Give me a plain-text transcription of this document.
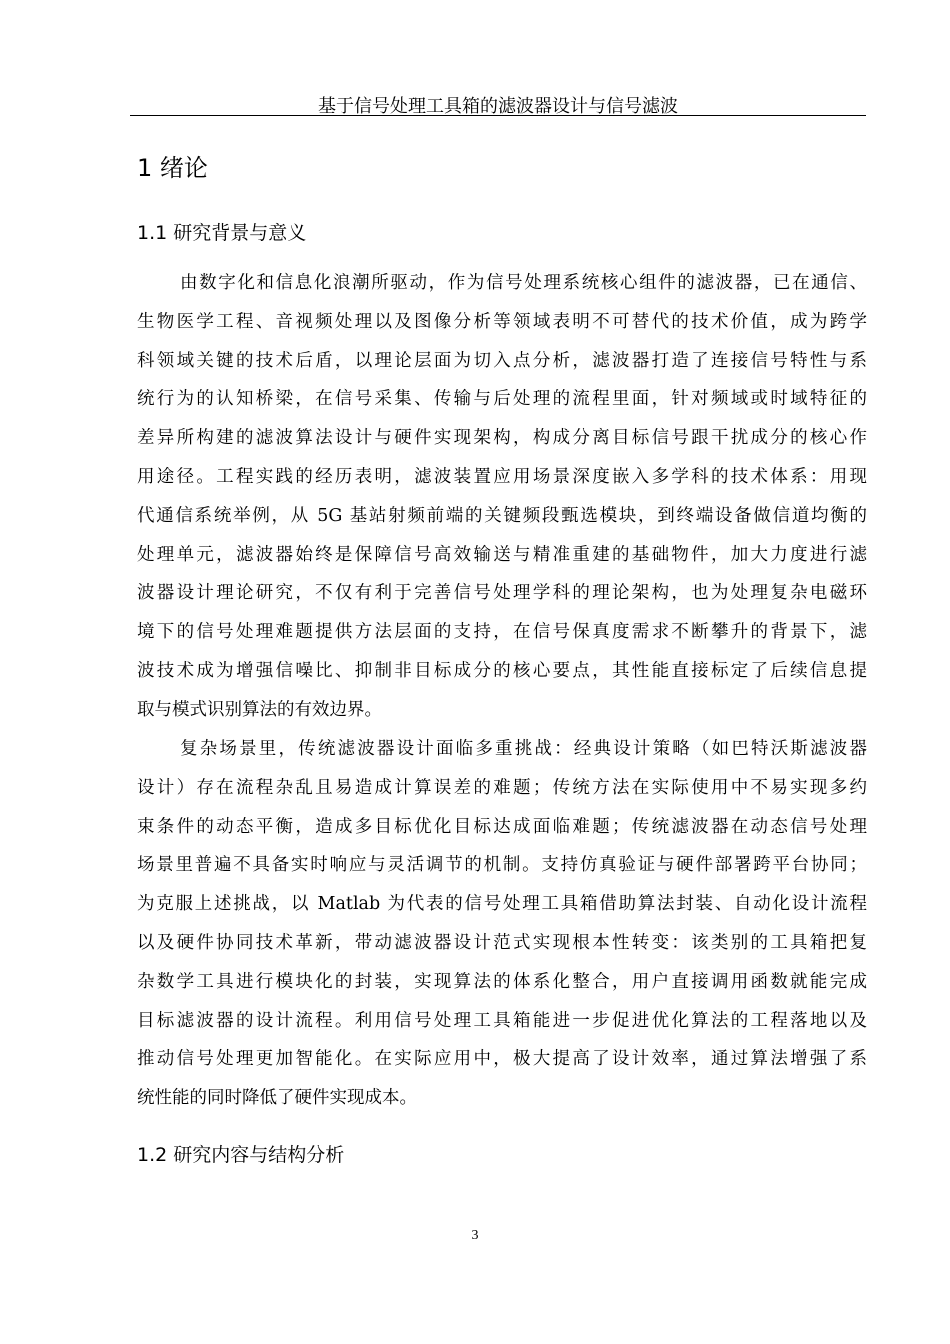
基于信号处理工具箱的滤波器设计与信号滤波
1 绪论
1.1 研究背景与意义
由数字化和信息化浪潮所驱动，作为信号处理系统核心组件的滤波器，已在通信、
生物医学工程、音视频处理以及图像分析等领域表明不可替代的技术价值，成为跨学
科领域关键的技术后盾，以理论层面为切入点分析，滤波器打造了连接信号特性与系
统行为的认知桥梁，在信号采集、传输与后处理的流程里面，针对频域或时域特征的
差异所构建的滤波算法设计与硬件实现架构，构成分离目标信号跟干扰成分的核心作
用途径。工程实践的经历表明，滤波装置应用场景深度嵌入多学科的技术体系：用现
代通信系统举例，从 5G 基站射频前端的关键频段甄选模块，到终端设备做信道均衡的
处理单元，滤波器始终是保障信号高效输送与精准重建的基础物件，加大力度进行滤
波器设计理论研究，不仅有利于完善信号处理学科的理论架构，也为处理复杂电磁环
境下的信号处理难题提供方法层面的支持，在信号保真度需求不断攀升的背景下，滤
波技术成为增强信噪比、抑制非目标成分的核心要点，其性能直接标定了后续信息提
取与模式识别算法的有效边界。
复杂场景里，传统滤波器设计面临多重挑战：经典设计策略（如巴特沃斯滤波器
设计）存在流程杂乱且易造成计算误差的难题；传统方法在实际使用中不易实现多约
束条件的动态平衡，造成多目标优化目标达成面临难题；传统滤波器在动态信号处理
场景里普遍不具备实时响应与灵活调节的机制。支持仿真验证与硬件部署跨平台协同；
为克服上述挑战，以 Matlab 为代表的信号处理工具箱借助算法封装、自动化设计流程
以及硬件协同技术革新，带动滤波器设计范式实现根本性转变：该类别的工具箱把复
杂数学工具进行模块化的封装，实现算法的体系化整合，用户直接调用函数就能完成
目标滤波器的设计流程。利用信号处理工具箱能进一步促进优化算法的工程落地以及
推动信号处理更加智能化。在实际应用中，极大提高了设计效率，通过算法增强了系
统性能的同时降低了硬件实现成本。
1.2 研究内容与结构分析
3
